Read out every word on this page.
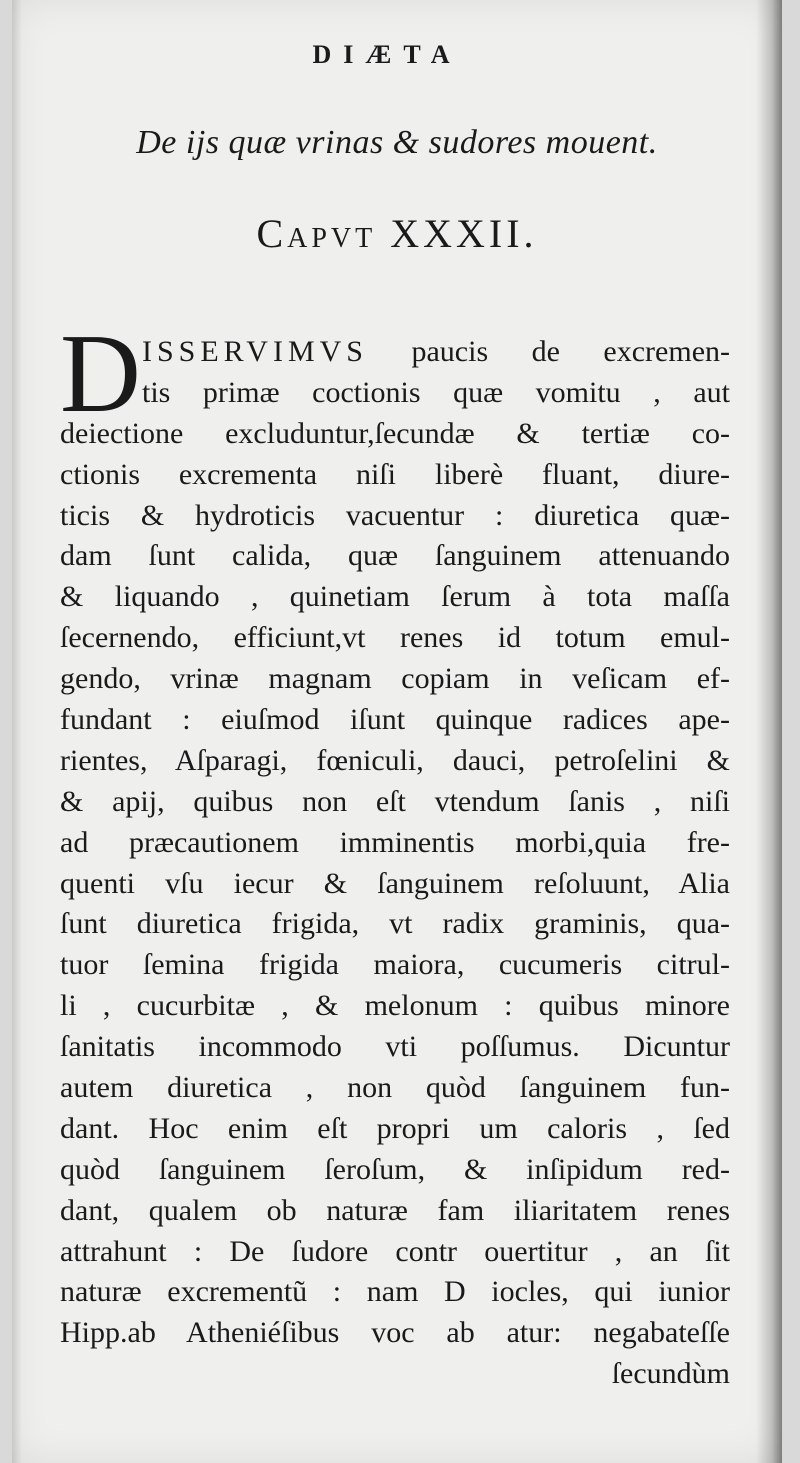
DIÆTA
De ijs quæ vrinas & sudores mouent.
Capvt XXXII.
D ISSERVIMVS paucis de excremen-
tis primæ coctionis quæ vomitu , aut
deiectione excluduntur,ſecundæ & tertiæ co-
ctionis excrementa niſi liberè fluant, diure-
ticis & hydroticis vacuentur : diuretica quæ-
dam ſunt calida, quæ ſanguinem attenuando
& liquando , quinetiam ſerum à tota maſſa
ſecernendo, efficiunt,vt renes id totum emul-
gendo, vrinæ magnam copiam in veſicam ef-
fundant : eiuſmod iſunt quinque radices ape-
rientes, Aſparagi, fœniculi, dauci, petroſelini &
& apij, quibus non eſt vtendum ſanis , niſi
ad præcautionem imminentis morbi,quia fre-
quenti vſu iecur & ſanguinem reſoluunt, Alia
ſunt diuretica frigida, vt radix graminis, qua-
tuor ſemina frigida maiora, cucumeris citrul-
li , cucurbitæ , & melonum : quibus minore
ſanitatis incommodo vti poſſumus. Dicuntur
autem diuretica , non quòd ſanguinem fun-
dant. Hoc enim eſt propri um caloris , ſed
quòd ſanguinem ſeroſum, & inſipidum red-
dant, qualem ob naturæ fam iliaritatem renes
attrahunt : De ſudore contr ouertitur , an ſit
naturæ excrementũ : nam D iocles, qui iunior
Hipp.ab Atheniéſibus voc ab atur: negabateſſe
ſecundùm
